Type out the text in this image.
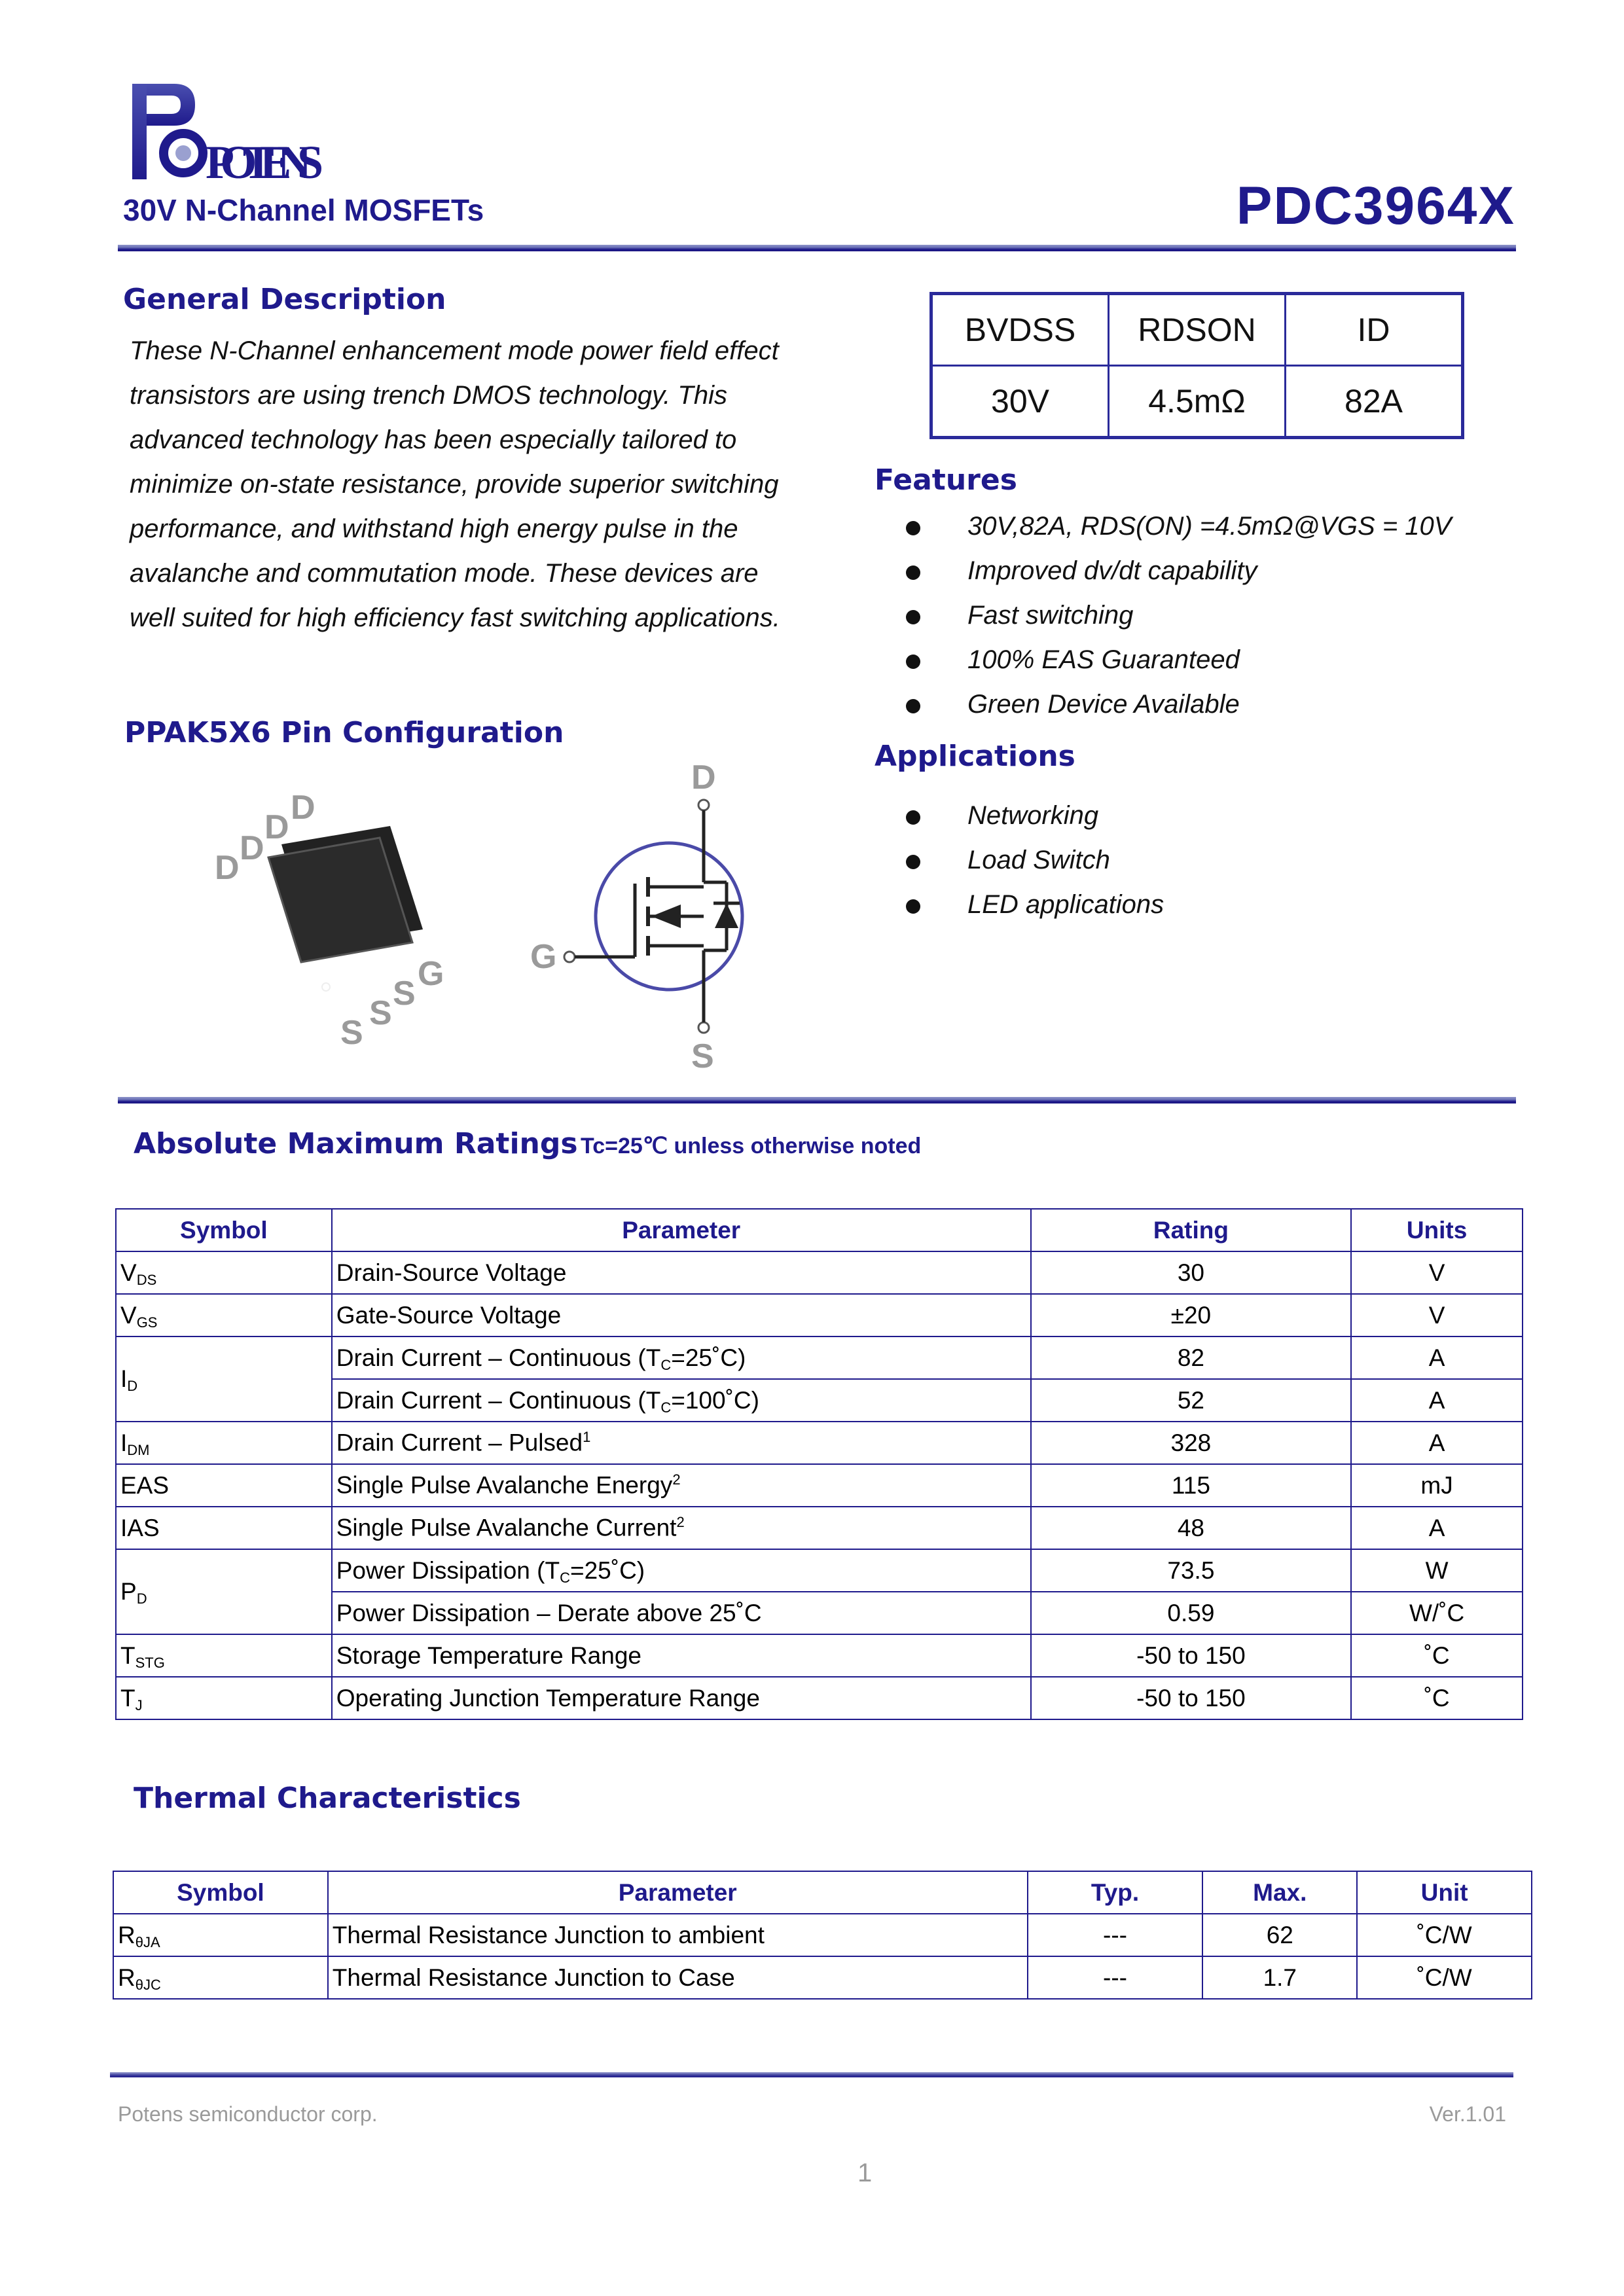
POTENS
30V N-Channel MOSFETs	PDC3964X
General Description

These N-Channel enhancement mode power field effect

transistors are using trench DMOS technology. This

advanced technology has been especially tailored to

minimize on-state resistance, provide superior switching

performance, and withstand high energy pulse in the

avalanche and commutation mode. These devices are

well suited for high efficiency fast switching applications.

BVDSS	RDSON	ID
30V	4.5mΩ	82A
Features
30V,82A, RDS(ON) =4.5mΩ@VGS = 10V
Improved dv/dt capability
Fast switching
100% EAS Guaranteed
Green Device Available
Applications
Networking
Load Switch
LED applications
PPAK5X6 Pin Configuration
D
D
D
D
S
S
S
G
D
G
S
Absolute Maximum Ratings Tc=25℃ unless otherwise noted
Symbol	Parameter	Rating	Units
$V_{DS}$	Drain-Source Voltage	30	V
$V_{GS}$	Gate-Source Voltage	±20	V
$I_D$	Drain Current – Continuous $(T_C=25˚C)$	82	A
	Drain Current – Continuous $(T_C=100˚C)$	52	A
$I_{DM}$	Drain Current – Pulsed$^1$	328	A
EAS	Single Pulse Avalanche Energy$^2$	115	mJ
IAS	Single Pulse Avalanche Current$^2$	48	A
$P_D$	Power Dissipation $(T_C=25˚C)$	73.5	W
	Power Dissipation – Derate above 25˚C	0.59	W/˚C
$T_{STG}$	Storage Temperature Range	-50 to 150	˚C
$T_J$	Operating Junction Temperature Range	-50 to 150	˚C
Thermal Characteristics
Symbol	Parameter	Typ.	Max.	Unit
$R_{\theta JA}$	Thermal Resistance Junction to ambient	---	62	˚C/W
$R_{\theta JC}$	Thermal Resistance Junction to Case	---	1.7	˚C/W
Potens semiconductor corp.	Ver.1.01
1
